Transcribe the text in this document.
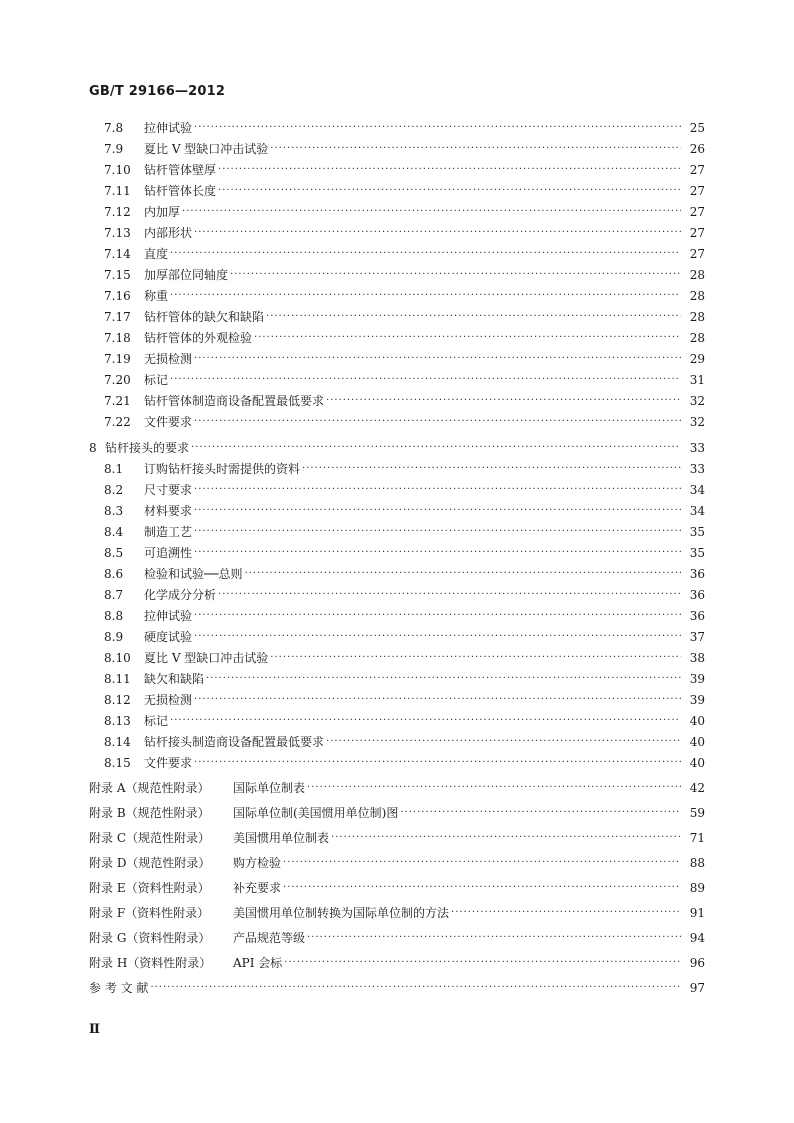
GB/T 29166—2012
7.8	拉伸试验 ·····	25
7.9	夏比 V 型缺口冲击试验 ·····	26
7.10	钻杆管体壁厚 ·····	27
7.11	钻杆管体长度 ·····	27
7.12	内加厚 ·····	27
7.13	内部形状 ·····	27
7.14	直度 ·····	27
7.15	加厚部位同轴度 ·····	28
7.16	称重 ·····	28
7.17	钻杆管体的缺欠和缺陷 ·····	28
7.18	钻杆管体的外观检验 ·····	28
7.19	无损检测 ·····	29
7.20	标记 ·····	31
7.21	钻杆管体制造商设备配置最低要求 ·····	32
7.22	文件要求 ·····	32
8 钻杆接头的要求 ·····	33
8.1	订购钻杆接头时需提供的资料 ·····	33
8.2	尺寸要求 ·····	34
8.3	材料要求 ·····	34
8.4	制造工艺 ·····	35
8.5	可追溯性 ·····	35
8.6	检验和试验──总则 ·····	36
8.7	化学成分分析 ·····	36
8.8	拉伸试验 ·····	36
8.9	硬度试验 ·····	37
8.10	夏比 V 型缺口冲击试验 ·····	38
8.11	缺欠和缺陷 ·····	39
8.12	无损检测 ·····	39
8.13	标记 ·····	40
8.14	钻杆接头制造商设备配置最低要求 ·····	40
8.15	文件要求 ·····	40
附录 A（规范性附录）	国际单位制表 ·····	42
附录 B（规范性附录）	国际单位制(美国惯用单位制)图 ·····	59
附录 C（规范性附录）	美国惯用单位制表 ·····	71
附录 D（规范性附录）	购方检验 ·····	88
附录 E（资料性附录）	补充要求 ·····	89
附录 F（资料性附录）	美国惯用单位制转换为国际单位制的方法 ·····	91
附录 G（资料性附录）	产品规范等级 ·····	94
附录 H（资料性附录）	API 会标 ·····	96
参 考 文 献 ·····	97
Ⅱ
